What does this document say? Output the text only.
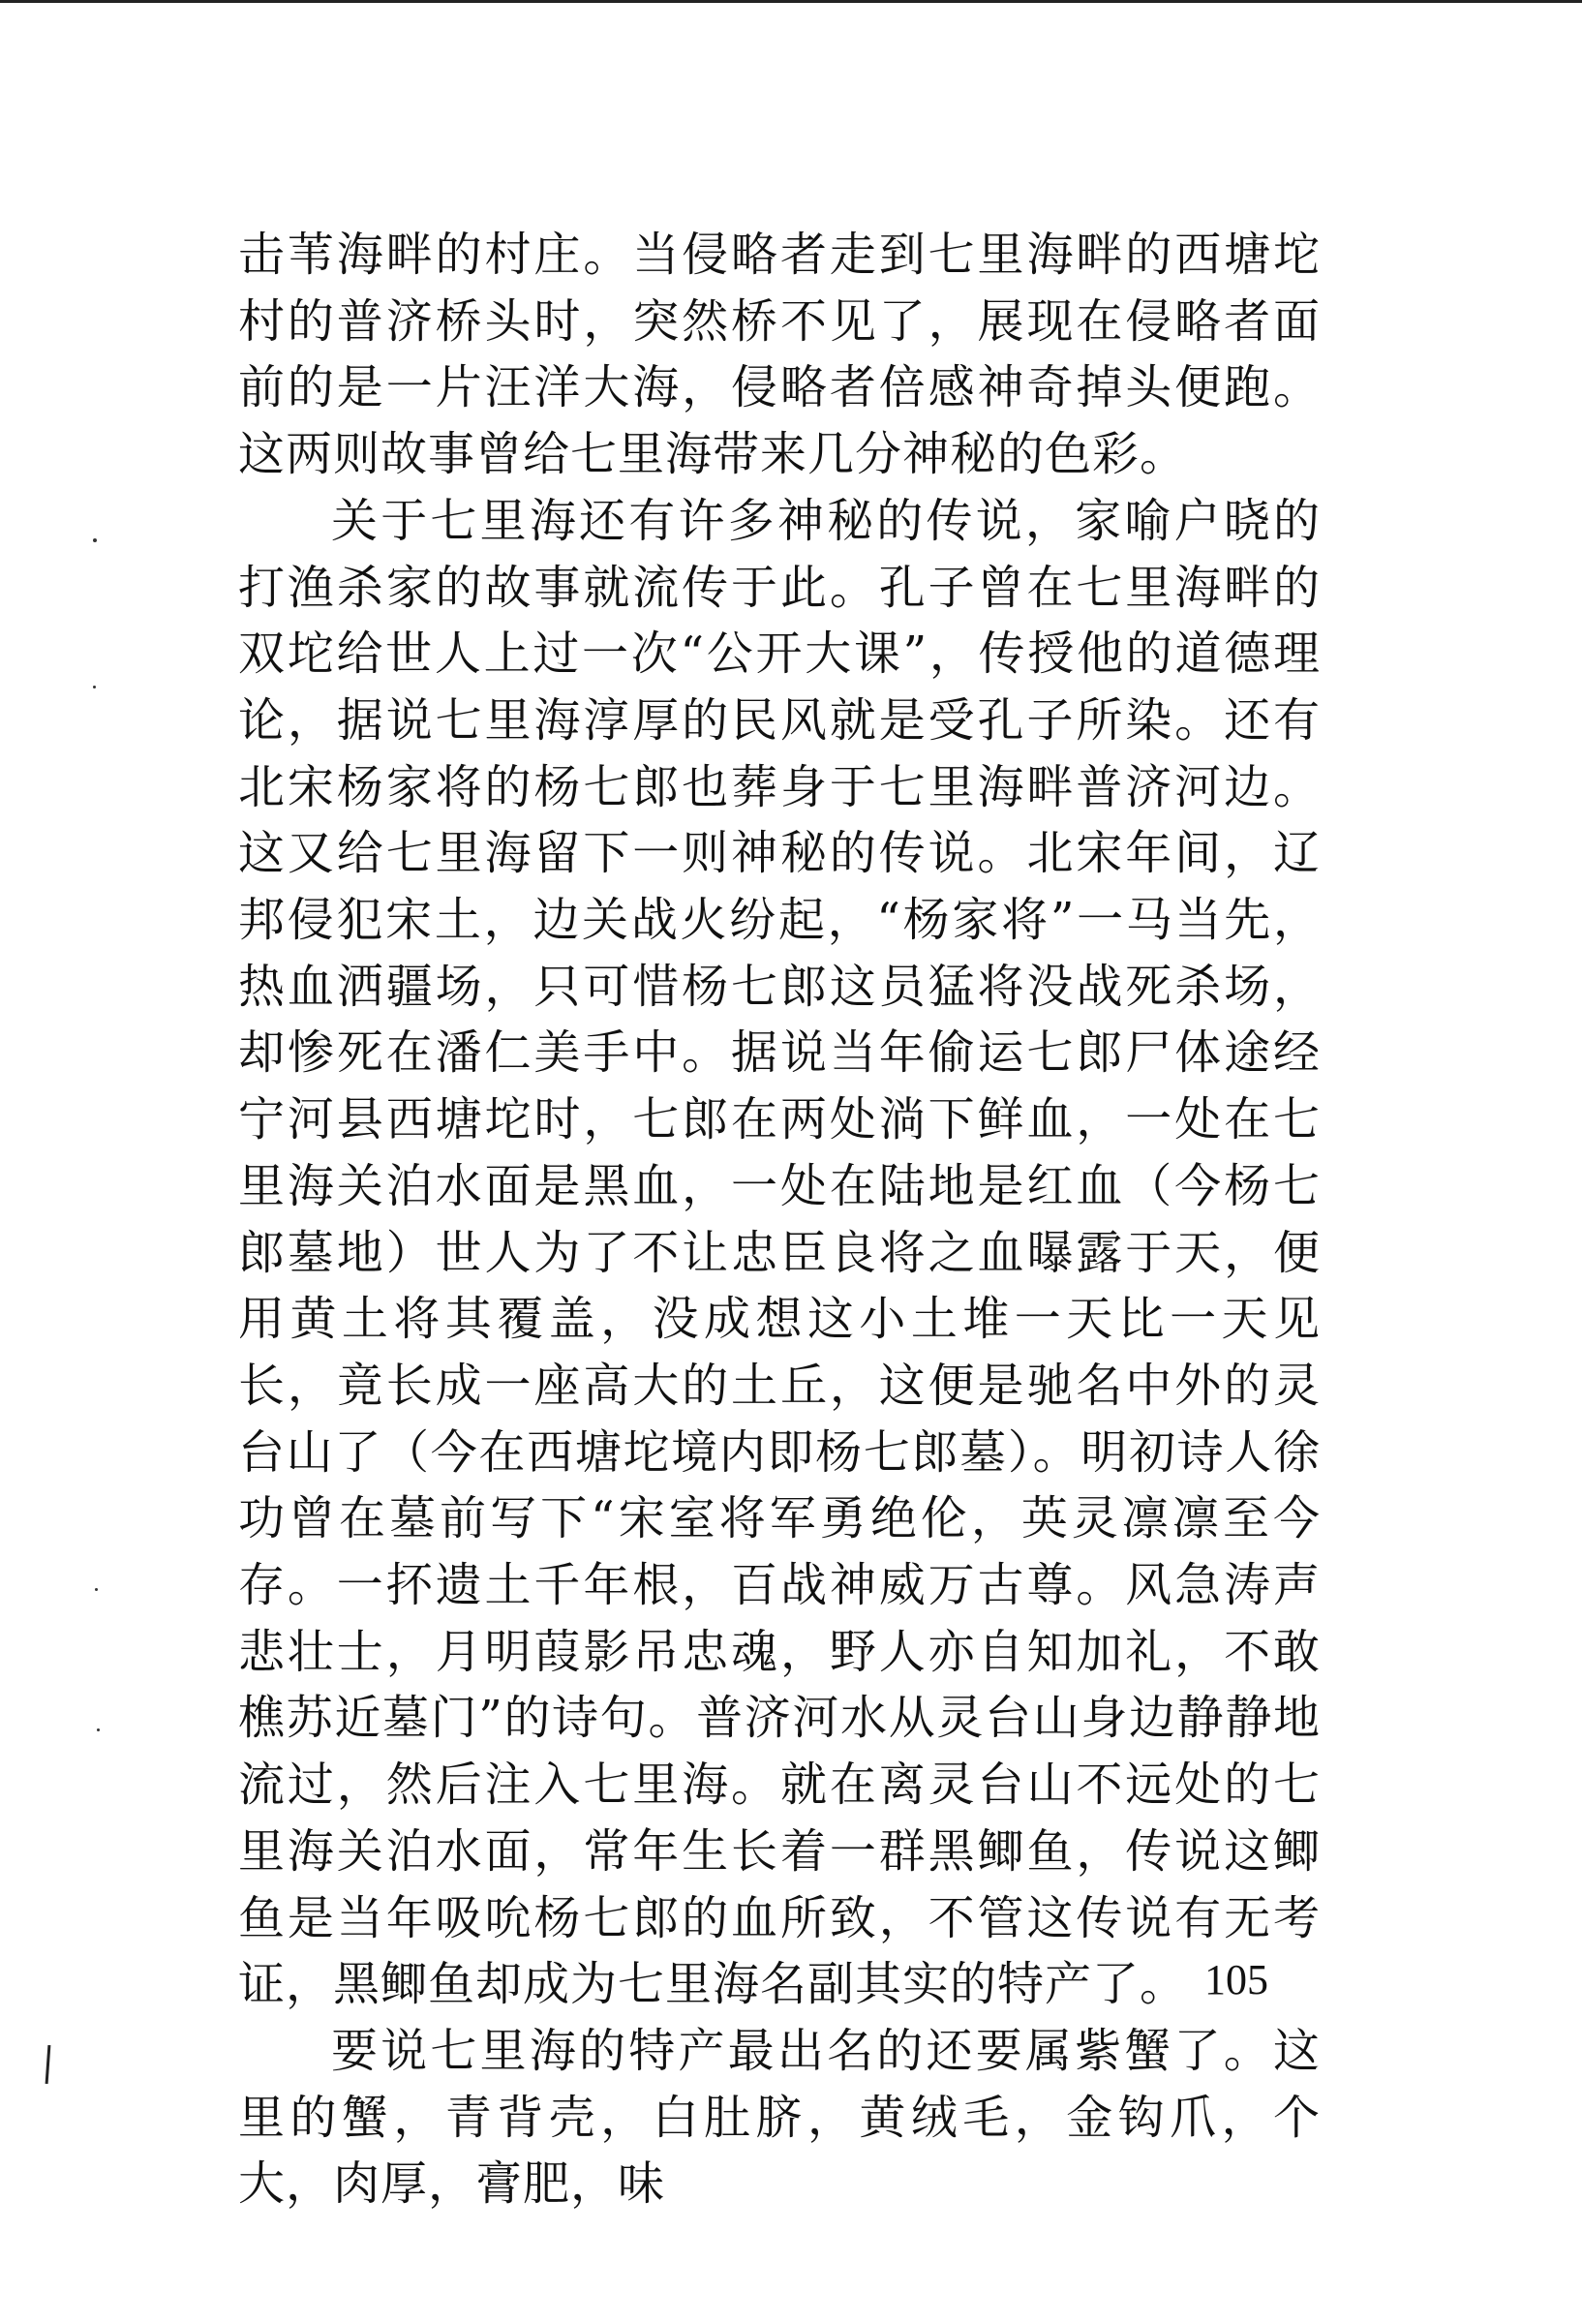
击苇海畔的村庄。当侵略者走到七里海畔的西塘坨村的普济桥头时，突然桥不见了，展现在侵略者面前的是一片汪洋大海，侵略者倍感神奇掉头便跑。这两则故事曾给七里海带来几分神秘的色彩。

关于七里海还有许多神秘的传说，家喻户晓的打渔杀家的故事就流传于此。孔子曾在七里海畔的双坨给世人上过一次“公开大课”，传授他的道德理论，据说七里海淳厚的民风就是受孔子所染。还有北宋杨家将的杨七郎也葬身于七里海畔普济河边。这又给七里海留下一则神秘的传说。北宋年间，辽邦侵犯宋土，边关战火纷起，“杨家将”一马当先，热血洒疆场，只可惜杨七郎这员猛将没战死杀场，却惨死在潘仁美手中。据说当年偷运七郎尸体途经宁河县西塘坨时，七郎在两处淌下鲜血，一处在七里海关泊水面是黑血，一处在陆地是红血（今杨七郎墓地）世人为了不让忠臣良将之血曝露于天，便用黄土将其覆盖，没成想这小土堆一天比一天见长，竟长成一座高大的土丘，这便是驰名中外的灵台山了（今在西塘坨境内即杨七郎墓）。明初诗人徐功曾在墓前写下“宋室将军勇绝伦，英灵凛凛至今存。一抔遗土千年根，百战神威万古尊。风急涛声悲壮士，月明葭影吊忠魂，野人亦自知加礼，不敢樵苏近墓门”的诗句。普济河水从灵台山身边静静地流过，然后注入七里海。就在离灵台山不远处的七里海关泊水面，常年生长着一群黑鲫鱼，传说这鲫鱼是当年吸吮杨七郎的血所致，不管这传说有无考证，黑鲫鱼却成为七里海名副其实的特产了。

要说七里海的特产最出名的还要属紫蟹了。这里的蟹，青背壳，白肚脐，黄绒毛，金钩爪，个大，肉厚，膏肥，味

105
